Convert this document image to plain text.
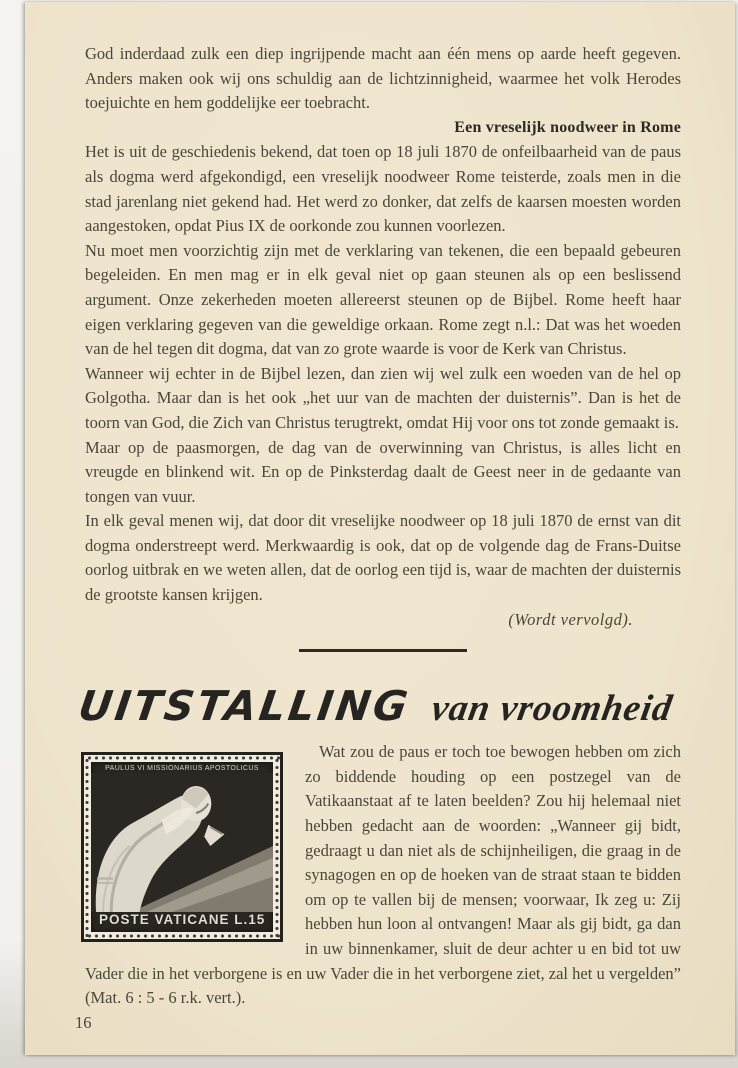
God inderdaad zulk een diep ingrijpende macht aan één mens op aarde heeft gegeven. Anders maken ook wij ons schuldig aan de lichtzinnigheid, waarmee het volk Herodes toejuichte en hem goddelijke eer toebracht.

Een vreselijk noodweer in Rome

Het is uit de geschiedenis bekend, dat toen op 18 juli 1870 de onfeilbaarheid van de paus als dogma werd afgekondigd, een vreselijk noodweer Rome teisterde, zoals men in die stad jarenlang niet gekend had. Het werd zo donker, dat zelfs de kaarsen moesten worden aangestoken, opdat Pius IX de oorkonde zou kunnen voorlezen.

Nu moet men voorzichtig zijn met de verklaring van tekenen, die een bepaald gebeuren begeleiden. En men mag er in elk geval niet op gaan steunen als op een beslissend argument. Onze zekerheden moeten allereerst steunen op de Bijbel. Rome heeft haar eigen verklaring gegeven van die geweldige orkaan. Rome zegt n.l.: Dat was het woeden van de hel tegen dit dogma, dat van zo grote waarde is voor de Kerk van Christus.

Wanneer wij echter in de Bijbel lezen, dan zien wij wel zulk een woeden van de hel op Golgotha. Maar dan is het ook „het uur van de machten der duisternis”. Dan is het de toorn van God, die Zich van Christus terugtrekt, omdat Hij voor ons tot zonde gemaakt is.

Maar op de paasmorgen, de dag van de overwinning van Christus, is alles licht en vreugde en blinkend wit. En op de Pinksterdag daalt de Geest neer in de gedaante van tongen van vuur.

In elk geval menen wij, dat door dit vreselijke noodweer op 18 juli 1870 de ernst van dit dogma onderstreept werd. Merkwaardig is ook, dat op de volgende dag de Frans-Duitse oorlog uitbrak en we weten allen, dat de oorlog een tijd is, waar de machten der duisternis de grootste kansen krijgen.

(Wordt vervolgd).
UITSTALLING van vroomheid
PAULUS VI MISSIONARIUS APOSTOLICUS
POSTE VATICANE L.15

Wat zou de paus er toch toe bewogen hebben om zich zo biddende houding op een postzegel van de Vatikaanstaat af te laten beelden? Zou hij helemaal niet hebben gedacht aan de woorden: „Wanneer gij bidt, gedraagt u dan niet als de schijnheiligen, die graag in de synagogen en op de hoeken van de straat staan te bidden om op te vallen bij de mensen; voorwaar, Ik zeg u: Zij hebben hun loon al ontvangen! Maar als gij bidt, ga dan in uw binnenkamer, sluit de deur achter u en bid tot uw Vader die in het verborgene is en uw Vader die in het verborgene ziet, zal het u vergelden” (Mat. 6 : 5 - 6 r.k. vert.).

16
